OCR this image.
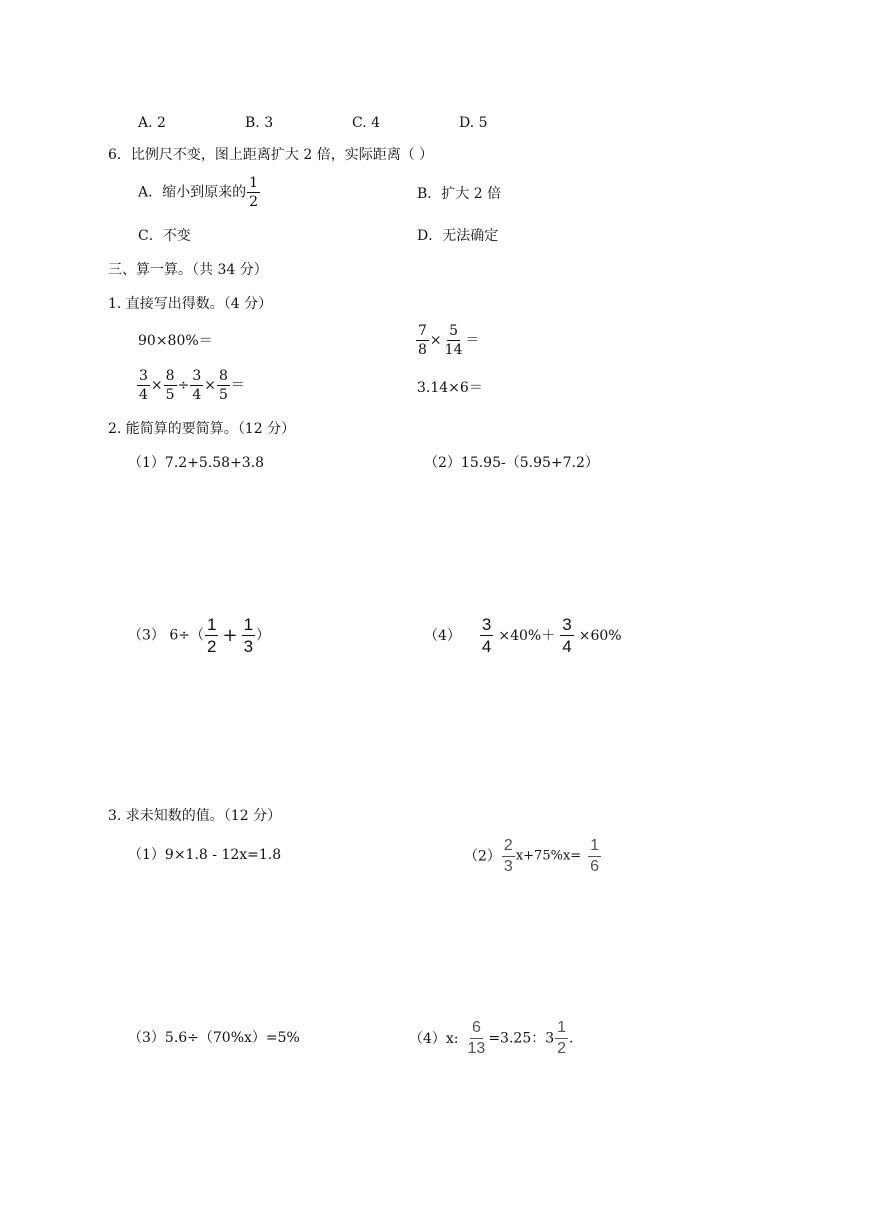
A. 2	B. 3	C. 4	D. 5
6．比例尺不变，图上距离扩大 2 倍，实际距离（ ）
A．缩小到原来的 $\frac{1}{2}$	B．扩大 2 倍
C．不变	D．无法确定
三、算一算。（共 34 分）
1. 直接写出得数。（4 分）
90×80%＝	$\frac{7}{8} \times \frac{5}{14}$ ＝
$\frac{3}{4} \times \frac{8}{5} \div \frac{3}{4} \times \frac{8}{5}$ ＝	3.14×6＝
2. 能简算的要简算。（12 分）
（1）7.2+5.58+3.8	（2）15.95-（5.95+7.2）
（3） $6\div( \frac{1}{2} + \frac{1}{3}$ ）	$(4) \frac{3}{4} \times 40\%+ \frac{3}{4} \times 60\%$
3. 求未知数的值。（12 分）
（1）9×1.8 - 12x=1.8	$(2) \frac{2}{3} x+75\%x= \frac{1}{6}$
（3）5.6÷（70%x）=5%	（4）x: $\frac{6}{13} =3.25$：$3 \frac{1}{2}$ .
